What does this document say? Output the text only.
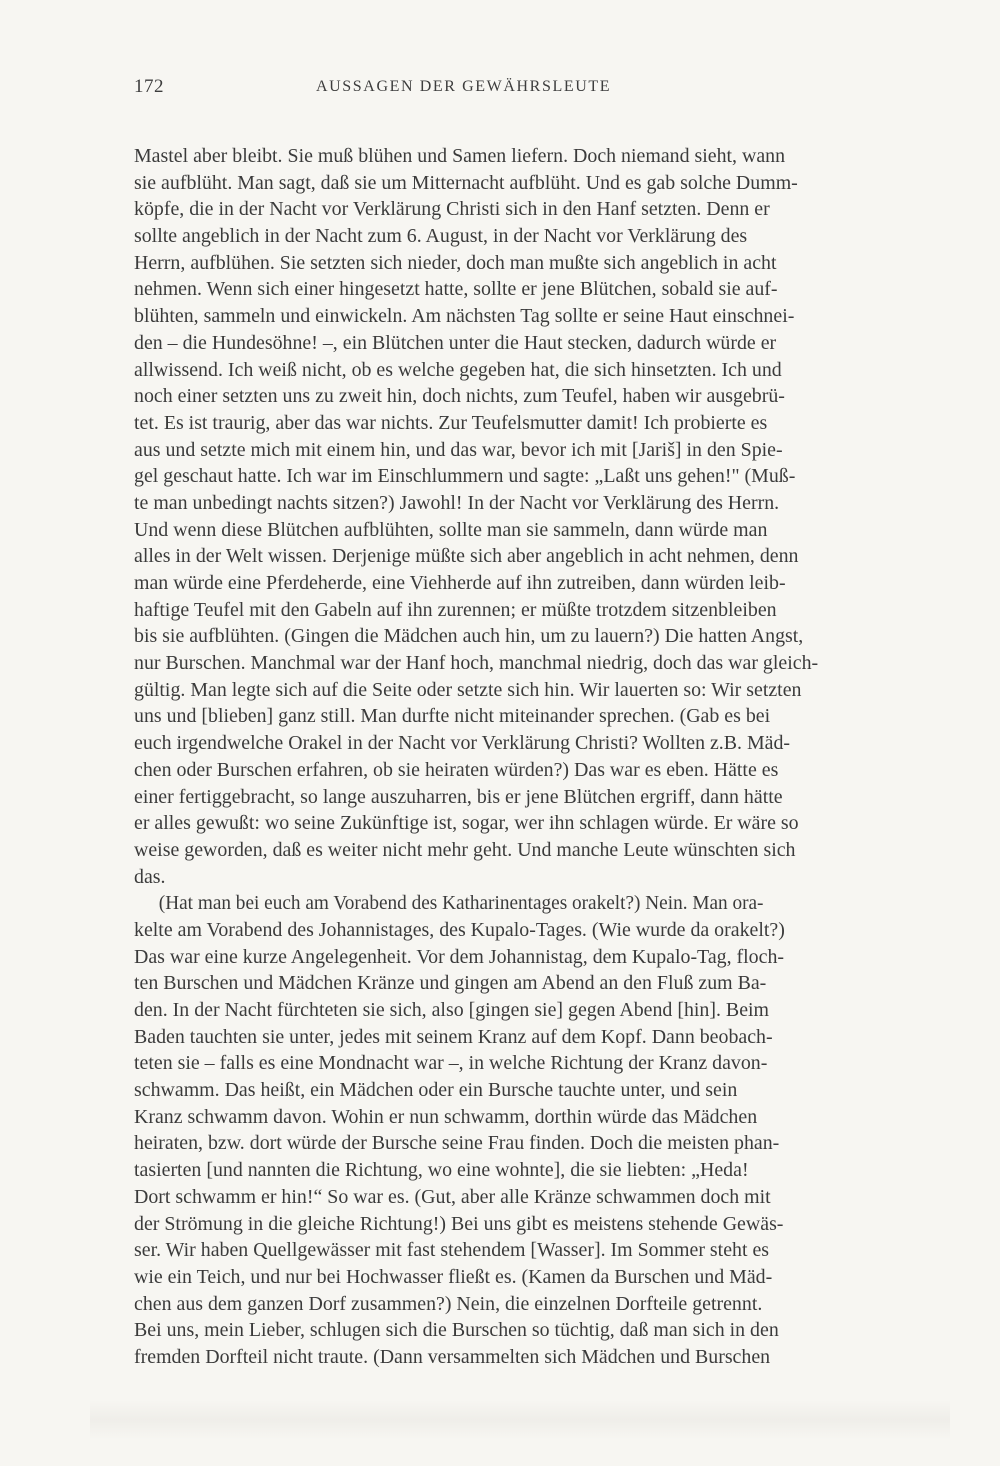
172	AUSSAGEN DER GEWÄHRSLEUTE
Mastel aber bleibt. Sie muß blühen und Samen liefern. Doch niemand sieht, wann
sie aufblüht. Man sagt, daß sie um Mitternacht aufblüht. Und es gab solche Dumm-
köpfe, die in der Nacht vor Verklärung Christi sich in den Hanf setzten. Denn er
sollte angeblich in der Nacht zum 6. August, in der Nacht vor Verklärung des
Herrn, aufblühen. Sie setzten sich nieder, doch man mußte sich angeblich in acht
nehmen. Wenn sich einer hingesetzt hatte, sollte er jene Blütchen, sobald sie auf-
blühten, sammeln und einwickeln. Am nächsten Tag sollte er seine Haut einschnei-
den – die Hundesöhne! –, ein Blütchen unter die Haut stecken, dadurch würde er
allwissend. Ich weiß nicht, ob es welche gegeben hat, die sich hinsetzten. Ich und
noch einer setzten uns zu zweit hin, doch nichts, zum Teufel, haben wir ausgebrü-
tet. Es ist traurig, aber das war nichts. Zur Teufelsmutter damit! Ich probierte es
aus und setzte mich mit einem hin, und das war, bevor ich mit [Jariš] in den Spie-
gel geschaut hatte. Ich war im Einschlummern und sagte: „Laßt uns gehen!" (Muß-
te man unbedingt nachts sitzen?) Jawohl! In der Nacht vor Verklärung des Herrn.
Und wenn diese Blütchen aufblühten, sollte man sie sammeln, dann würde man
alles in der Welt wissen. Derjenige müßte sich aber angeblich in acht nehmen, denn
man würde eine Pferdeherde, eine Viehherde auf ihn zutreiben, dann würden leib-
haftige Teufel mit den Gabeln auf ihn zurennen; er müßte trotzdem sitzenbleiben
bis sie aufblühten. (Gingen die Mädchen auch hin, um zu lauern?) Die hatten Angst,
nur Burschen. Manchmal war der Hanf hoch, manchmal niedrig, doch das war gleich-
gültig. Man legte sich auf die Seite oder setzte sich hin. Wir lauerten so: Wir setzten
uns und [blieben] ganz still. Man durfte nicht miteinander sprechen. (Gab es bei
euch irgendwelche Orakel in der Nacht vor Verklärung Christi? Wollten z.B. Mäd-
chen oder Burschen erfahren, ob sie heiraten würden?) Das war es eben. Hätte es
einer fertiggebracht, so lange auszuharren, bis er jene Blütchen ergriff, dann hätte
er alles gewußt: wo seine Zukünftige ist, sogar, wer ihn schlagen würde. Er wäre so
weise geworden, daß es weiter nicht mehr geht. Und manche Leute wünschten sich
das.
(Hat man bei euch am Vorabend des Katharinentages orakelt?) Nein. Man ora-
kelte am Vorabend des Johannistages, des Kupalo-Tages. (Wie wurde da orakelt?)
Das war eine kurze Angelegenheit. Vor dem Johannistag, dem Kupalo-Tag, floch-
ten Burschen und Mädchen Kränze und gingen am Abend an den Fluß zum Ba-
den. In der Nacht fürchteten sie sich, also [gingen sie] gegen Abend [hin]. Beim
Baden tauchten sie unter, jedes mit seinem Kranz auf dem Kopf. Dann beobach-
teten sie – falls es eine Mondnacht war –, in welche Richtung der Kranz davon-
schwamm. Das heißt, ein Mädchen oder ein Bursche tauchte unter, und sein
Kranz schwamm davon. Wohin er nun schwamm, dorthin würde das Mädchen
heiraten, bzw. dort würde der Bursche seine Frau finden. Doch die meisten phan-
tasierten [und nannten die Richtung, wo eine wohnte], die sie liebten: „Heda!
Dort schwamm er hin!“ So war es. (Gut, aber alle Kränze schwammen doch mit
der Strömung in die gleiche Richtung!) Bei uns gibt es meistens stehende Gewäs-
ser. Wir haben Quellgewässer mit fast stehendem [Wasser]. Im Sommer steht es
wie ein Teich, und nur bei Hochwasser fließt es. (Kamen da Burschen und Mäd-
chen aus dem ganzen Dorf zusammen?) Nein, die einzelnen Dorfteile getrennt.
Bei uns, mein Lieber, schlugen sich die Burschen so tüchtig, daß man sich in den
fremden Dorfteil nicht traute. (Dann versammelten sich Mädchen und Burschen
